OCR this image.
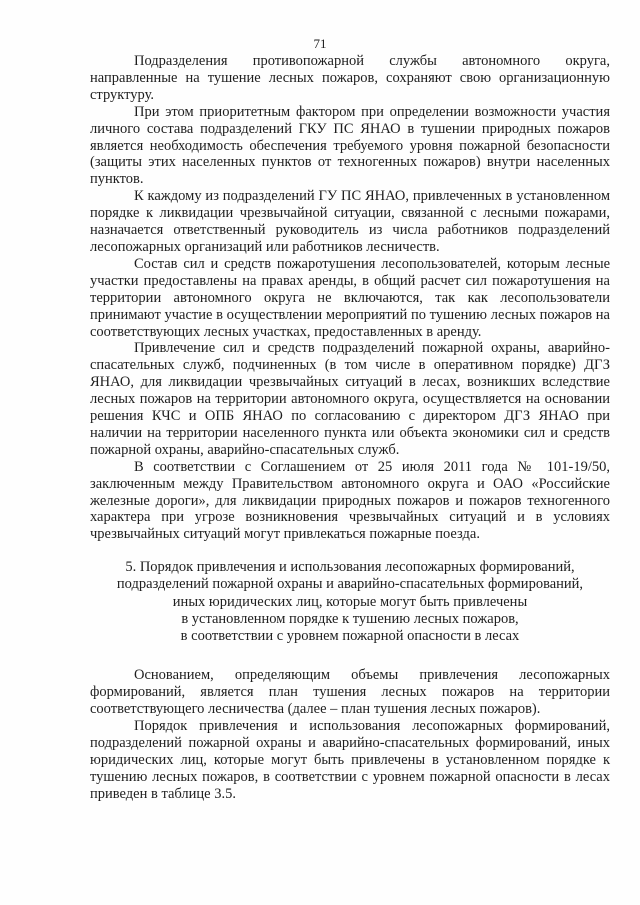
71

Подразделения противопожарной службы автономного округа, направленные на тушение лесных пожаров, сохраняют свою организационную структуру.

При этом приоритетным фактором при определении возможности участия личного состава подразделений ГКУ ПС ЯНАО в тушении природных пожаров является необходимость обеспечения требуемого уровня пожарной безопасности (защиты этих населенных пунктов от техногенных пожаров) внутри населенных пунктов.

К каждому из подразделений ГУ ПС ЯНАО, привлеченных в установленном порядке к ликвидации чрезвычайной ситуации, связанной с лесными пожарами, назначается ответственный руководитель из числа работников подразделений лесопожарных организаций или работников лесничеств.

Состав сил и средств пожаротушения лесопользователей, которым лесные участки предоставлены на правах аренды, в общий расчет сил пожаротушения на территории автономного округа не включаются, так как лесопользователи принимают участие в осуществлении мероприятий по тушению лесных пожаров на соответствующих лесных участках, предоставленных в аренду.

Привлечение сил и средств подразделений пожарной охраны, аварийно-спасательных служб, подчиненных (в том числе в оперативном порядке) ДГЗ ЯНАО, для ликвидации чрезвычайных ситуаций в лесах, возникших вследствие лесных пожаров на территории автономного округа, осуществляется на основании решения КЧС и ОПБ ЯНАО по согласованию с директором ДГЗ ЯНАО при наличии на территории населенного пункта или объекта экономики сил и средств пожарной охраны, аварийно-спасательных служб.

В соответствии с Соглашением от 25 июля 2011 года № 101-19/50, заключенным между Правительством автономного округа и ОАО «Российские железные дороги», для ликвидации природных пожаров и пожаров техногенного характера при угрозе возникновения чрезвычайных ситуаций и в условиях чрезвычайных ситуаций могут привлекаться пожарные поезда.

5. Порядок привлечения и использования лесопожарных формирований,
подразделений пожарной охраны и аварийно-спасательных формирований,
иных юридических лиц, которые могут быть привлечены
в установленном порядке к тушению лесных пожаров,
в соответствии с уровнем пожарной опасности в лесах

Основанием, определяющим объемы привлечения лесопожарных формирований, является план тушения лесных пожаров на территории соответствующего лесничества (далее – план тушения лесных пожаров).

Порядок привлечения и использования лесопожарных формирований, подразделений пожарной охраны и аварийно-спасательных формирований, иных юридических лиц, которые могут быть привлечены в установленном порядке к тушению лесных пожаров, в соответствии с уровнем пожарной опасности в лесах приведен в таблице 3.5.
